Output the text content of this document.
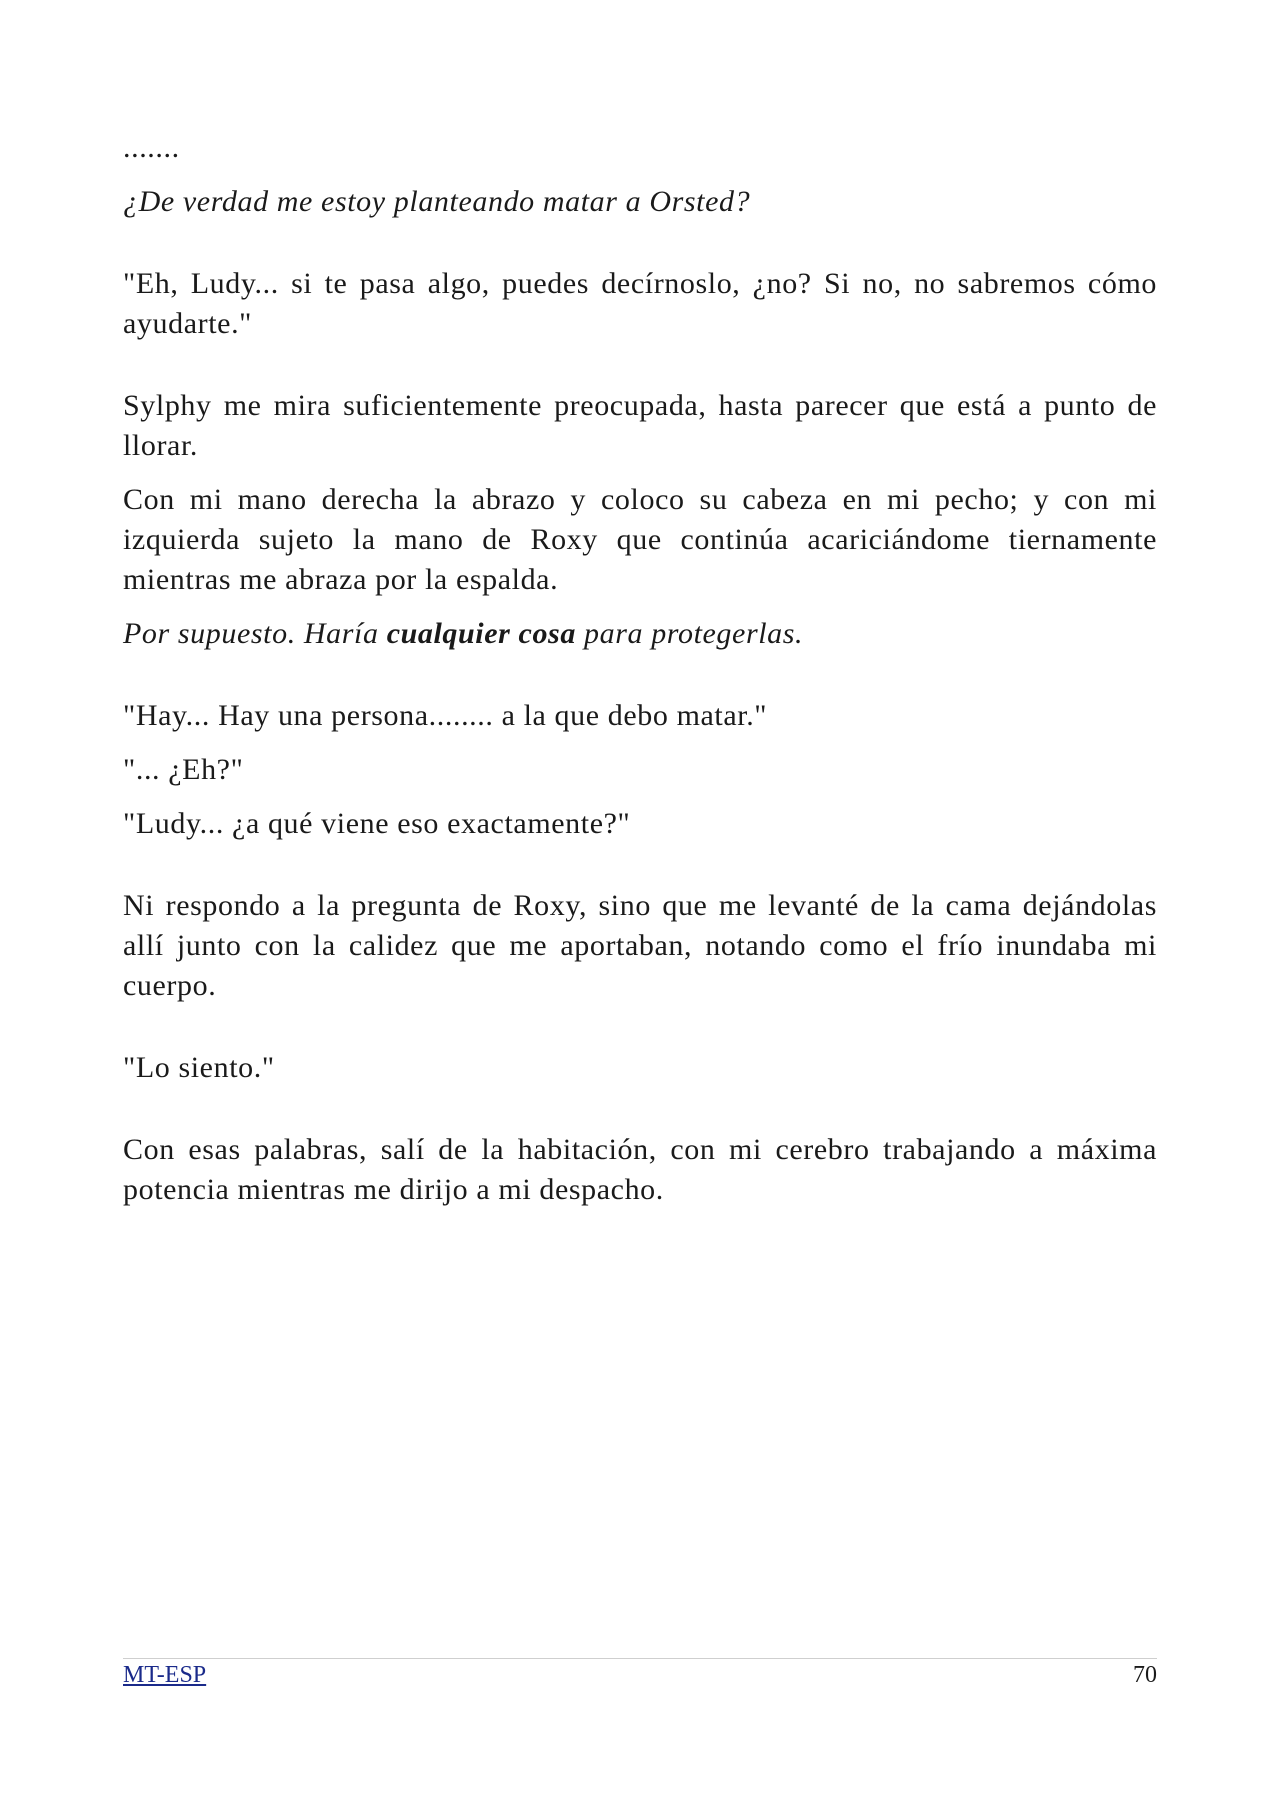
.......

¿De verdad me estoy planteando matar a Orsted?

"Eh, Ludy... si te pasa algo, puedes decírnoslo, ¿no? Si no, no sabremos cómo ayudarte."

Sylphy me mira suficientemente preocupada, hasta parecer que está a punto de llorar.

Con mi mano derecha la abrazo y coloco su cabeza en mi pecho; y con mi izquierda sujeto la mano de Roxy que continúa acariciándome tiernamente mientras me abraza por la espalda.

Por supuesto. Haría cualquier cosa para protegerlas.

"Hay... Hay una persona........ a la que debo matar."

"... ¿Eh?"

"Ludy... ¿a qué viene eso exactamente?"

Ni respondo a la pregunta de Roxy, sino que me levanté de la cama dejándolas allí junto con la calidez que me aportaban, notando como el frío inundaba mi cuerpo.

"Lo siento."

Con esas palabras, salí de la habitación, con mi cerebro trabajando a máxima potencia mientras me dirijo a mi despacho.

MT-ESP	70
